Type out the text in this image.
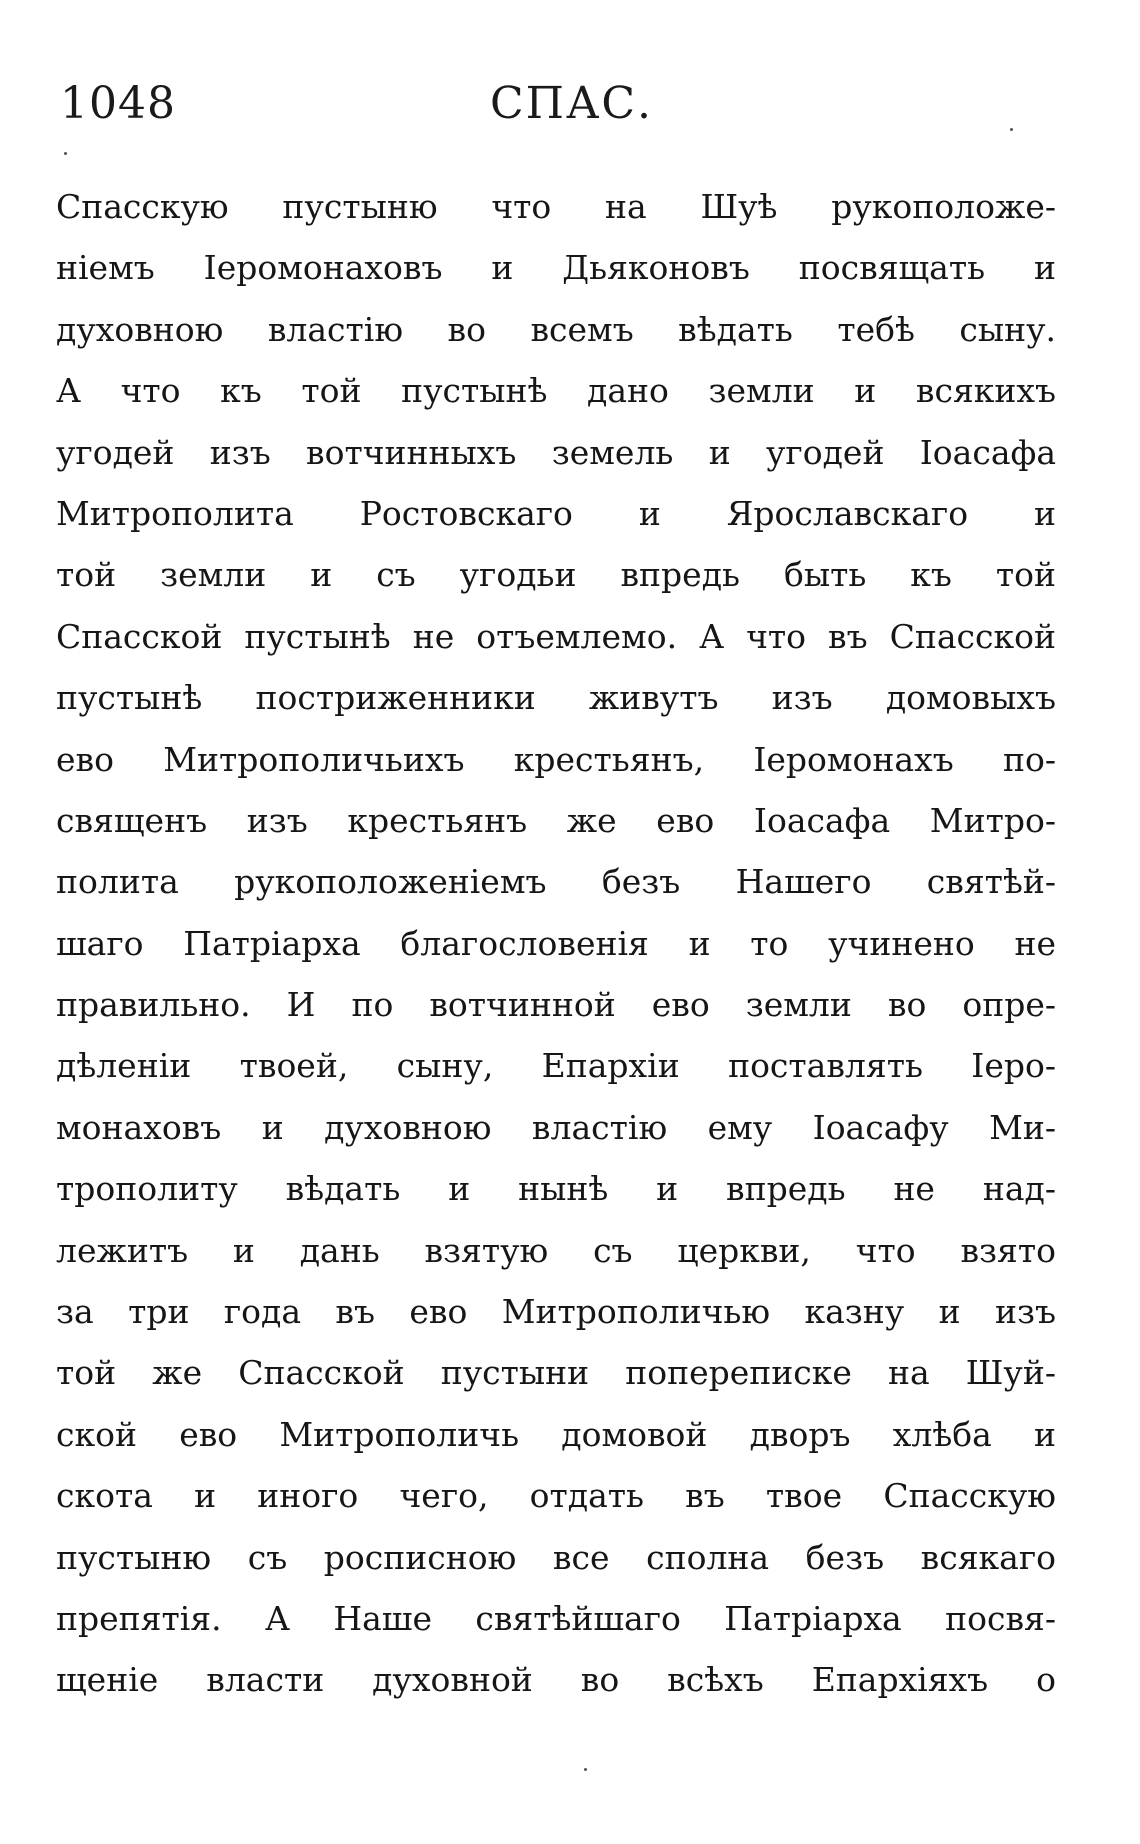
1048	СПАС.
Спасскую пустыню что на Шуѣ рукоположе-
ніемъ Іеромонаховъ и Дьяконовъ посвящать и
духовною властію во всемъ вѣдать тебѣ сыну.
А что къ той пустынѣ дано земли и всякихъ
угодей изъ вотчинныхъ земель и угодей Іоасафа
Митрополита Ростовскаго и Ярославскаго и
той земли и съ угодьи впредь быть къ той
Спасской пустынѣ не отъемлемо. А что въ Спасской
пустынѣ постриженники живутъ изъ домовыхъ
ево Митрополичьихъ крестьянъ, Іеромонахъ по-
священъ изъ крестьянъ же ево Іоасафа Митро-
полита рукоположеніемъ безъ Нашего святѣй-
шаго Патріарха благословенія и то учинено не
правильно. И по вотчинной ево земли во опре-
дѣленіи твоей, сыну, Епархіи поставлять Іеро-
монаховъ и духовною властію ему Іоасафу Ми-
трополиту вѣдать и нынѣ и впредь не над-
лежитъ и дань взятую съ церкви, что взято
за три года въ ево Митрополичью казну и изъ
той же Спасской пустыни попереписке на Шуй-
ской ево Митрополичь домовой дворъ хлѣба и
скота и иного чего, отдать въ твое Спасскую
пустыню съ росписною все сполна безъ всякаго
препятія. А Наше святѣйшаго Патріарха посвя-
щеніе власти духовной во всѣхъ Епархіяхъ о
